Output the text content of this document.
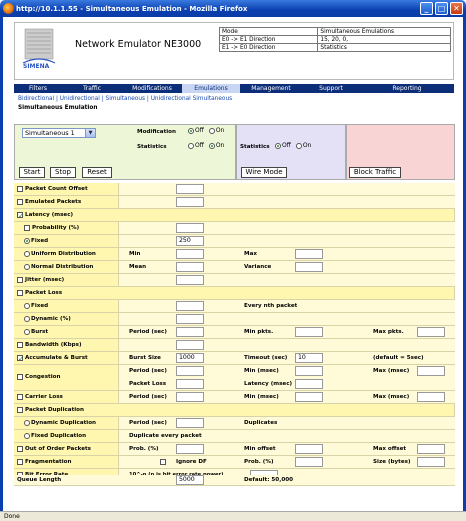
http://10.1.1.55 - Simultaneous Emulation - Mozilla Firefox	_	□ ✕
SIMENA
Network Emulator NE3000
Mode	Simultaneous Emulations
E0 -> E1 Direction	15, 20, 0,
E1 -> E0 Direction	Statistics
Filters	Traffic	Modifications	Emulations	Management	Support	Reporting
Bidirectional | Unidirectional | Simultaneous | Unidirectional Simultaneous
Simultaneous Emulation
Simultaneous 1	▼	Modification
Statistics
Off On
Off On	Statistics	Off On
Start	Stop	Reset	Wire Mode	Block Traffic
Packet Count Offset
Emulated Packets
✓Latency (msec)
Probability (%)
Fixed	250
Uniform Distribution	Min	Max
Normal Distribution	Mean	Variance
Jitter (msec)
Packet Loss
Fixed	Every nth packet
Dynamic (%)
Burst	Period (sec)	Min pkts.	Max pkts.
Bandwidth (Kbps)
✓Accumulate & Burst	Burst Size	1000	Timeout (sec)	10	(default = 5sec)
Congestion
Period (sec)	Min (msec)	Max (msec)
Packet Loss	Latency (msec)
Carrier Loss	Period (sec)	Min (msec)	Max (msec)
Packet Duplication
Dynamic Duplication	Period (sec)	Duplicates
Fixed Duplication	Duplicate every packet
Out of Order Packets	Prob. (%)	Min offset	Max offset
Fragmentation	Ignore DF	Prob. (%)	Size (bytes)
Queue Length	5000	Default: 50,000
Done
